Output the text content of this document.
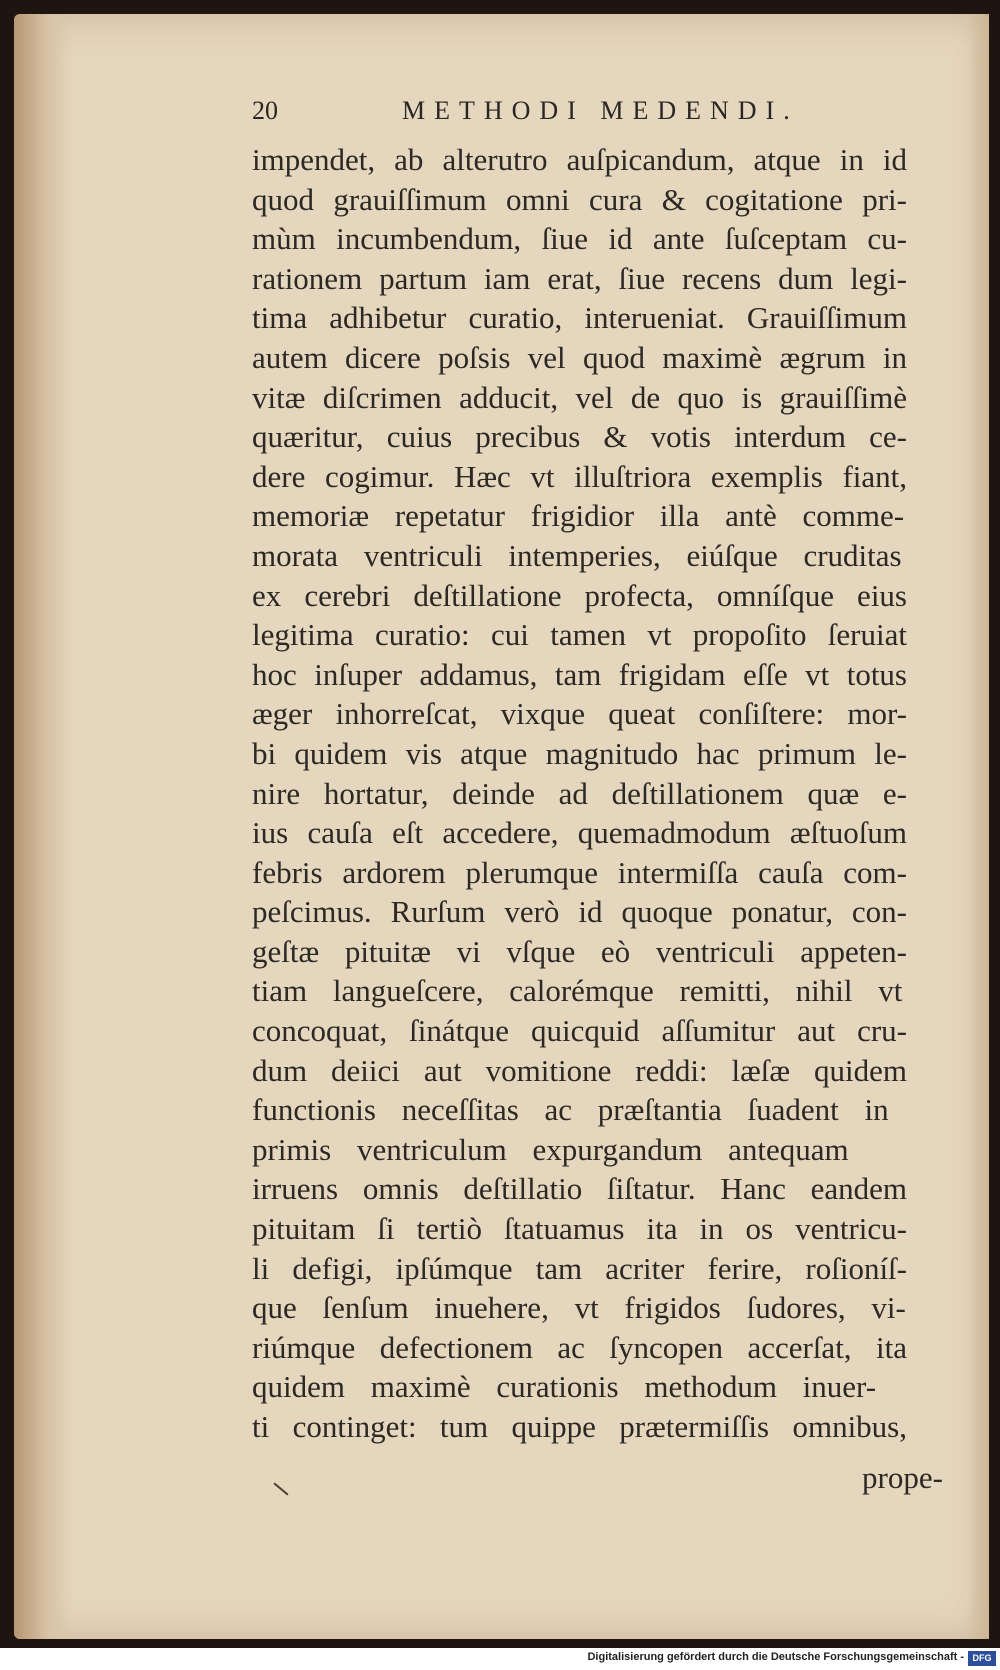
20	METHODI MEDENDI.
impendet, ab alterutro auſpicandum, atque in id
quod grauiſſimum omni cura & cogitatione pri-
mùm incumbendum, ſiue id ante ſuſceptam cu-
rationem partum iam erat, ſiue recens dum legi-
tima adhibetur curatio, interueniat. Grauiſſimum
autem dicere poſsis vel quod maximè ægrum in
vitæ diſcrimen adducit, vel de quo is grauiſſimè
quæritur, cuius precibus & votis interdum ce-
dere cogimur. Hæc vt illuſtriora exemplis fiant,
memoriæ repetatur frigidior illa antè comme-
morata ventriculi intemperies, eiúſque cruditas
ex cerebri deſtillatione profecta, omníſque eius
legitima curatio: cui tamen vt propoſito ſeruiat
hoc inſuper addamus, tam frigidam eſſe vt totus
æger inhorreſcat, vixque queat conſiſtere: mor-
bi quidem vis atque magnitudo hac primum le-
nire hortatur, deinde ad deſtillationem quæ e-
ius cauſa eſt accedere, quemadmodum æſtuoſum
febris ardorem plerumque intermiſſa cauſa com-
peſcimus. Rurſum verò id quoque ponatur, con-
geſtæ pituitæ vi vſque eò ventriculi appeten-
tiam langueſcere, calorémque remitti, nihil vt
concoquat, ſinátque quicquid aſſumitur aut cru-
dum deiici aut vomitione reddi: læſæ quidem
functionis neceſſitas ac præſtantia ſuadent in
primis ventriculum expurgandum antequam
irruens omnis deſtillatio ſiſtatur. Hanc eandem
pituitam ſi tertiò ſtatuamus ita in os ventricu-
li defigi, ipſúmque tam acriter ferire, roſioníſ-
que ſenſum inuehere, vt frigidos ſudores, vi-
riúmque defectionem ac ſyncopen accerſat, ita
quidem maximè curationis methodum inuer-
ti continget: tum quippe prætermiſſis omnibus,
prope-
Digitalisierung gefördert durch die Deutsche Forschungsgemeinschaft - DFG
